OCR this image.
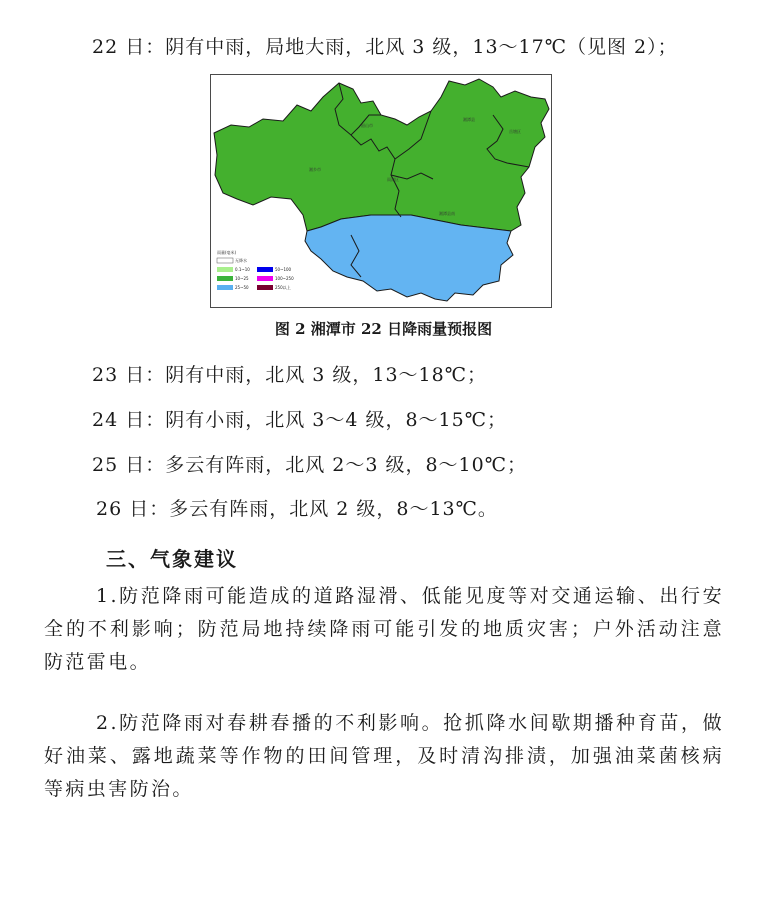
22 日：阴有中雨，局地大雨，北风 3 级，13～17℃（见图 2）；
韶山市
湘乡市
雨湖区
湘潭县
岳塘区
湘潭县南
雨量(毫米)
无降水
0.1~10
10~25
25~50
50~100
100~250
250以上
图 2 湘潭市 22 日降雨量预报图
23 日：阴有中雨，北风 3 级，13～18℃；
24 日：阴有小雨，北风 3～4 级，8～15℃；
25 日：多云有阵雨，北风 2～3 级，8～10℃；
26 日：多云有阵雨，北风 2 级，8～13℃。
三、气象建议
1.防范降雨可能造成的道路湿滑、低能见度等对交通运输、出行安全的不利影响；防范局地持续降雨可能引发的地质灾害；户外活动注意防范雷电。
2.防范降雨对春耕春播的不利影响。抢抓降水间歇期播种育苗，做好油菜、露地蔬菜等作物的田间管理，及时清沟排渍，加强油菜菌核病等病虫害防治。
